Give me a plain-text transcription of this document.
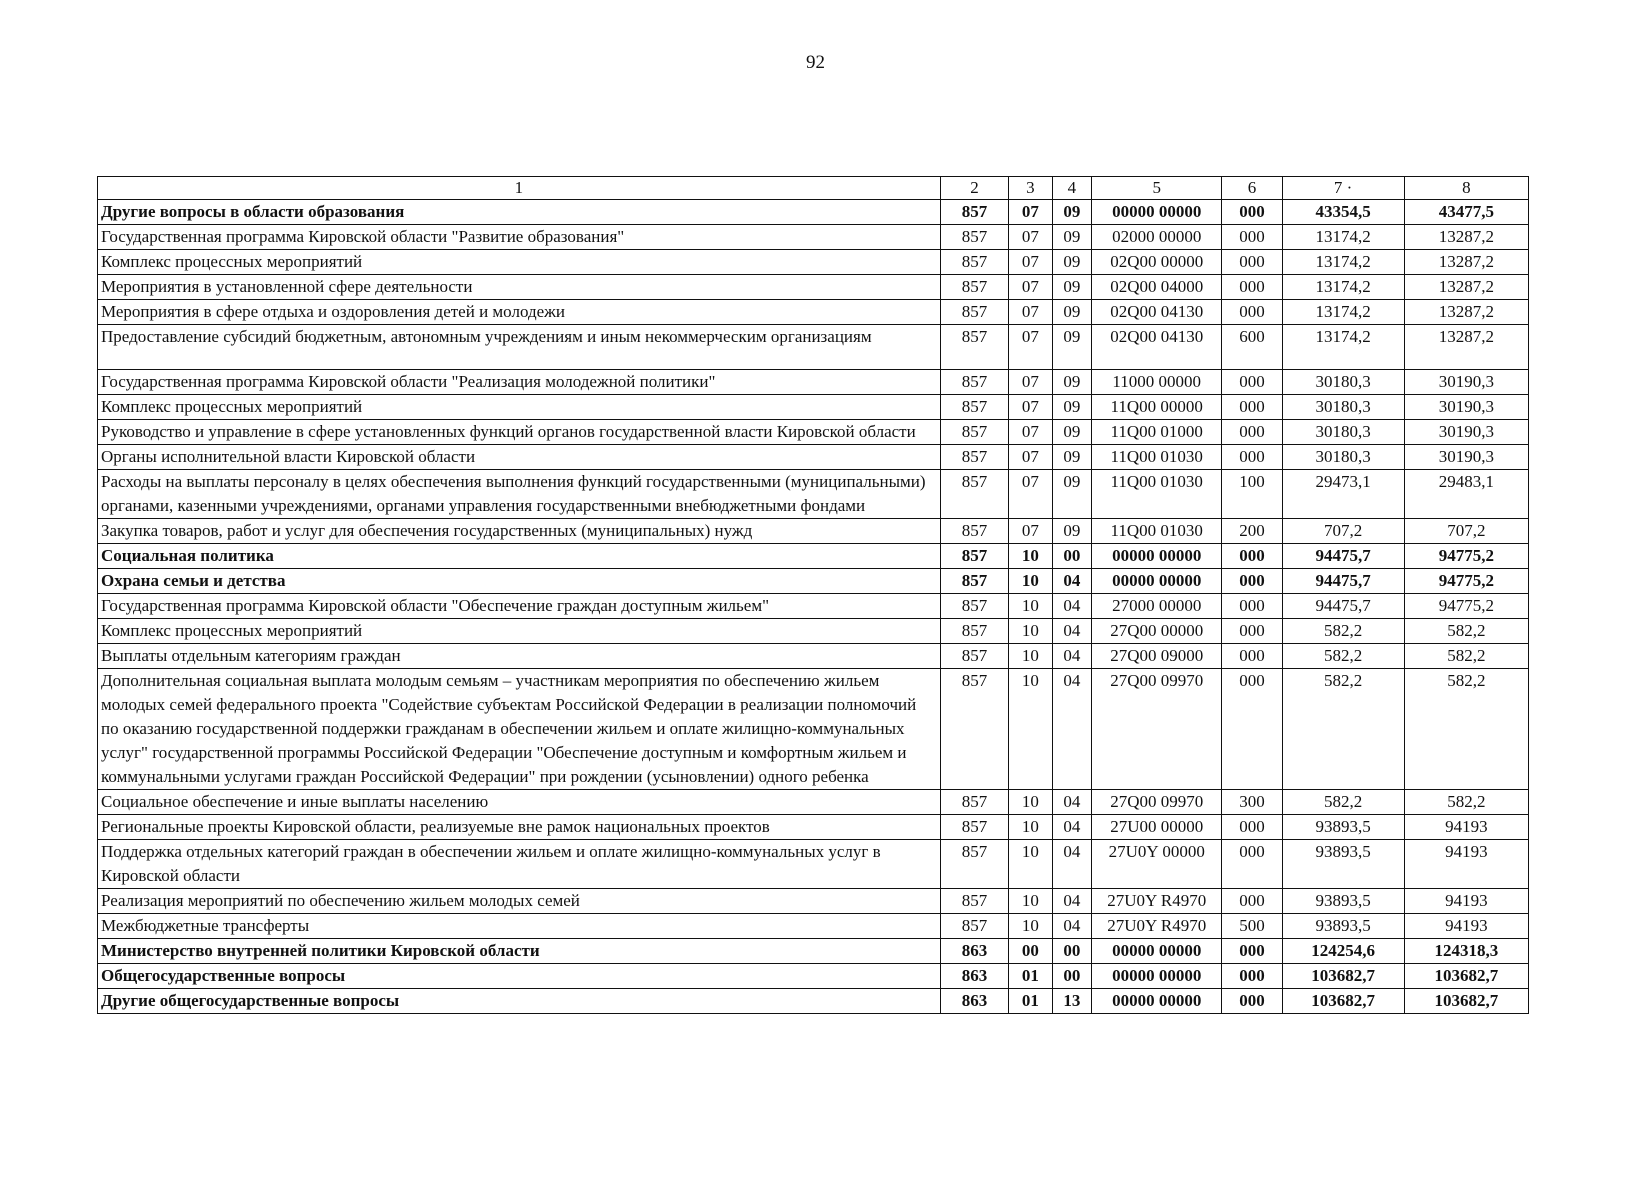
92
1	2	3	4	5	6	7 ·	8
Другие вопросы в области образования	857	07	09	00000 00000	000	43354,5	43477,5
Государственная программа Кировской области "Развитие образования"	857	07	09	02000 00000	000	13174,2	13287,2
Комплекс процессных мероприятий	857	07	09	02Q00 00000	000	13174,2	13287,2
Мероприятия в установленной сфере деятельности	857	07	09	02Q00 04000	000	13174,2	13287,2
Мероприятия в сфере отдыха и оздоровления детей и молодежи	857	07	09	02Q00 04130	000	13174,2	13287,2
Предоставление субсидий бюджетным, автономным учреждениям и иным некоммерческим организациям	857	07	09	02Q00 04130	600	13174,2	13287,2
Государственная программа Кировской области "Реализация молодежной политики"	857	07	09	11000 00000	000	30180,3	30190,3
Комплекс процессных мероприятий	857	07	09	11Q00 00000	000	30180,3	30190,3
Руководство и управление в сфере установленных функций органов государственной власти Кировской области	857	07	09	11Q00 01000	000	30180,3	30190,3
Органы исполнительной власти Кировской области	857	07	09	11Q00 01030	000	30180,3	30190,3
Расходы на выплаты персоналу в целях обеспечения выполнения функций государственными (муниципальными) органами, казенными учреждениями, органами управления государственными внебюджетными фондами	857	07	09	11Q00 01030	100	29473,1	29483,1
Закупка товаров, работ и услуг для обеспечения государственных (муниципальных) нужд	857	07	09	11Q00 01030	200	707,2	707,2
Социальная политика	857	10	00	00000 00000	000	94475,7	94775,2
Охрана семьи и детства	857	10	04	00000 00000	000	94475,7	94775,2
Государственная программа Кировской области "Обеспечение граждан доступным жильем"	857	10	04	27000 00000	000	94475,7	94775,2
Комплекс процессных мероприятий	857	10	04	27Q00 00000	000	582,2	582,2
Выплаты отдельным категориям граждан	857	10	04	27Q00 09000	000	582,2	582,2
Дополнительная социальная выплата молодым семьям – участникам мероприятия по обеспечению жильем молодых семей федерального проекта "Содействие субъектам Российской Федерации в реализации полномочий по оказанию государственной поддержки гражданам в обеспечении жильем и оплате жилищно-коммунальных услуг" государственной программы Российской Федерации "Обеспечение доступным и комфортным жильем и коммунальными услугами граждан Российской Федерации" при рождении (усыновлении) одного ребенка	857	10	04	27Q00 09970	000	582,2	582,2
Социальное обеспечение и иные выплаты населению	857	10	04	27Q00 09970	300	582,2	582,2
Региональные проекты Кировской области, реализуемые вне рамок национальных проектов	857	10	04	27U00 00000	000	93893,5	94193
Поддержка отдельных категорий граждан в обеспечении жильем и оплате жилищно-коммунальных услуг в Кировской области	857	10	04	27U0Y 00000	000	93893,5	94193
Реализация мероприятий по обеспечению жильем молодых семей	857	10	04	27U0Y R4970	000	93893,5	94193
Межбюджетные трансферты	857	10	04	27U0Y R4970	500	93893,5	94193
Министерство внутренней политики Кировской области	863	00	00	00000 00000	000	124254,6	124318,3
Общегосударственные вопросы	863	01	00	00000 00000	000	103682,7	103682,7
Другие общегосударственные вопросы	863	01	13	00000 00000	000	103682,7	103682,7
